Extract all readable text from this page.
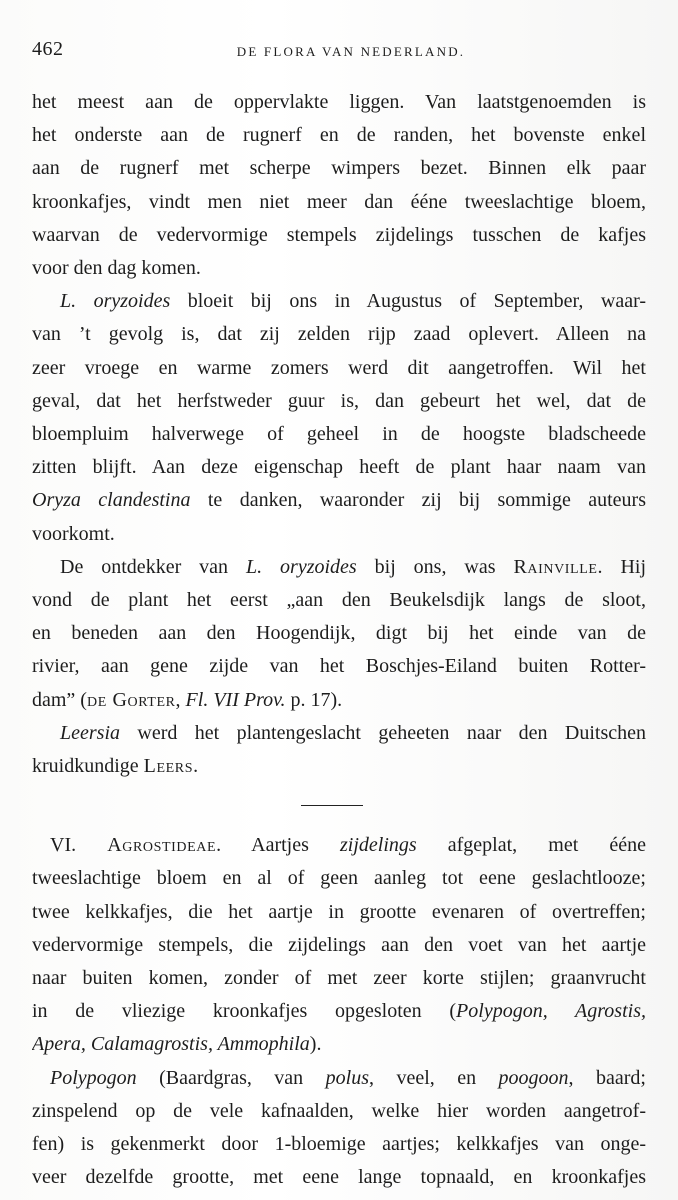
462	DE FLORA VAN NEDERLAND.

het meest aan de oppervlakte liggen. Van laatstgenoemden is
het onderste aan de rugnerf en de randen, het bovenste enkel
aan de rugnerf met scherpe wimpers bezet. Binnen elk paar
kroonkafjes, vindt men niet meer dan ééne tweeslachtige bloem,
waarvan de vedervormige stempels zijdelings tusschen de kafjes
voor den dag komen.

L. oryzoides bloeit bij ons in Augustus of September, waar-
van ’t gevolg is, dat zij zelden rijp zaad oplevert. Alleen na
zeer vroege en warme zomers werd dit aangetroffen. Wil het
geval, dat het herfstweder guur is, dan gebeurt het wel, dat de
bloempluim halverwege of geheel in de hoogste bladscheede
zitten blijft. Aan deze eigenschap heeft de plant haar naam van
Oryza clandestina te danken, waaronder zij bij sommige auteurs
voorkomt.

De ontdekker van L. oryzoides bij ons, was Rainville. Hij
vond de plant het eerst „aan den Beukelsdijk langs de sloot,
en beneden aan den Hoogendijk, digt bij het einde van de
rivier, aan gene zijde van het Boschjes-Eiland buiten Rotter-
dam” (de Gorter, Fl. VII Prov. p. 17).

Leersia werd het plantengeslacht geheeten naar den Duitschen
kruidkundige Leers.

VI. Agrostideae. Aartjes zijdelings afgeplat, met ééne
tweeslachtige bloem en al of geen aanleg tot eene geslachtlooze;
twee kelkkafjes, die het aartje in grootte evenaren of overtreffen;
vedervormige stempels, die zijdelings aan den voet van het aartje
naar buiten komen, zonder of met zeer korte stijlen; graanvrucht
in de vliezige kroonkafjes opgesloten (Polypogon, Agrostis,
Apera, Calamagrostis, Ammophila).

Polypogon (Baardgras, van polus, veel, en poogoon, baard;
zinspelend op de vele kafnaalden, welke hier worden aangetrof-
fen) is gekenmerkt door 1-bloemige aartjes; kelkkafjes van onge-
veer dezelfde grootte, met eene lange topnaald, en kroonkafjes
